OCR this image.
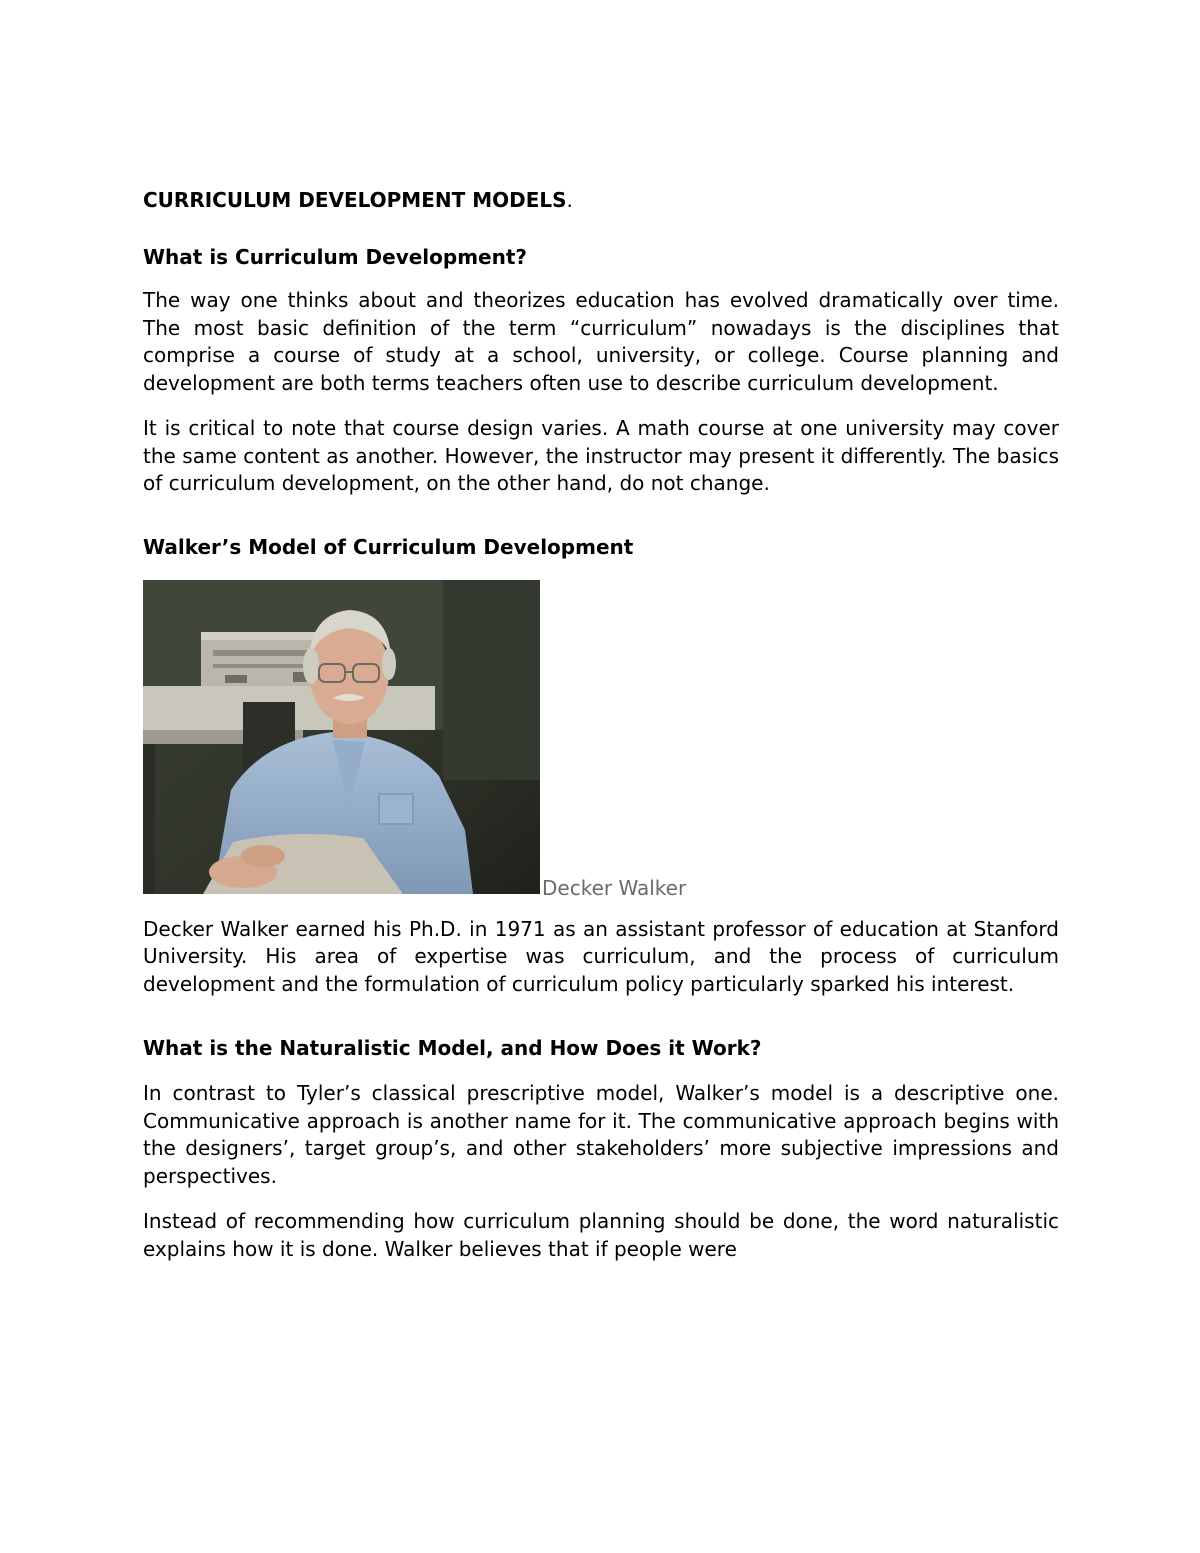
CURRICULUM DEVELOPMENT MODELS.
What is Curriculum Development?

The way one thinks about and theorizes education has evolved dramatically over time. The most basic definition of the term “curriculum” nowadays is the disciplines that comprise a course of study at a school, university, or college. Course planning and development are both terms teachers often use to describe curriculum development.

It is critical to note that course design varies. A math course at one university may cover the same content as another. However, the instructor may present it differently. The basics of curriculum development, on the other hand, do not change.

Walker’s Model of Curriculum Development
Decker Walker

Decker Walker earned his Ph.D. in 1971 as an assistant professor of education at Stanford University. His area of expertise was curriculum, and the process of curriculum development and the formulation of curriculum policy particularly sparked his interest.

What is the Naturalistic Model, and How Does it Work?

In contrast to Tyler’s classical prescriptive model, Walker’s model is a descriptive one. Communicative approach is another name for it. The communicative approach begins with the designers’, target group’s, and other stakeholders’ more subjective impressions and perspectives.

Instead of recommending how curriculum planning should be done, the word naturalistic explains how it is done. Walker believes that if people were
